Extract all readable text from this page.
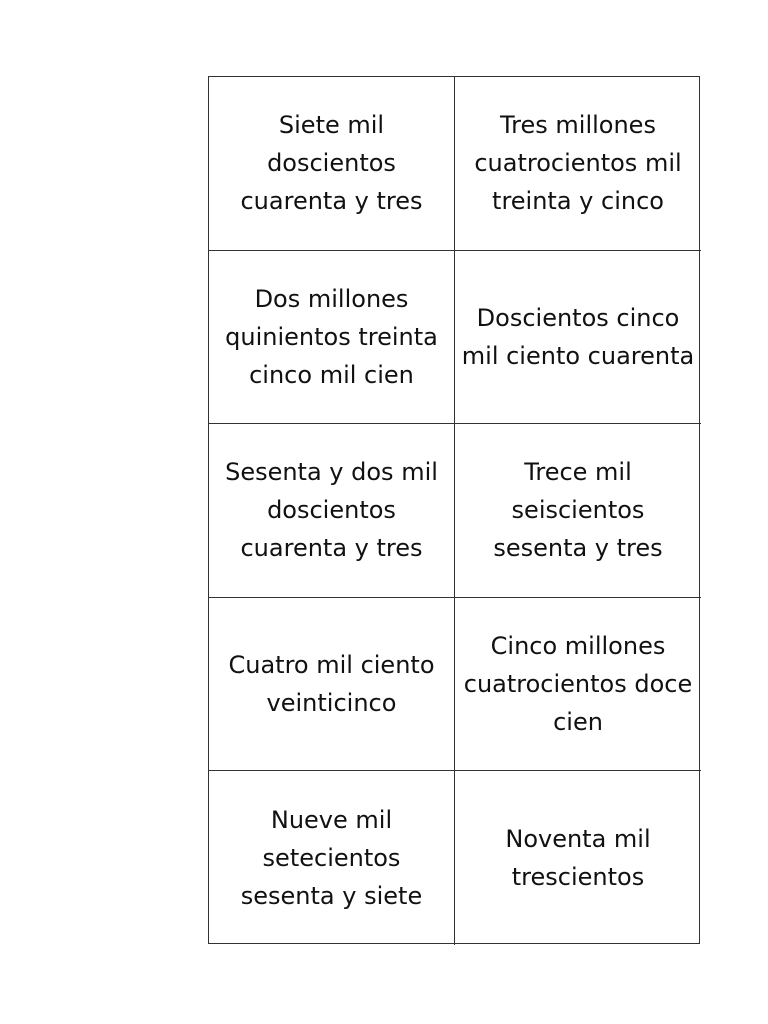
Siete mil doscientos cuarenta y tres
Tres millones cuatrocientos mil treinta y cinco
Dos millones quinientos treinta cinco mil cien
Doscientos cinco mil ciento cuarenta
Sesenta y dos mil doscientos cuarenta y tres
Trece mil seiscientos sesenta y tres
Cuatro mil ciento veinticinco
Cinco millones cuatrocientos doce cien
Nueve mil setecientos sesenta y siete
Noventa mil trescientos
